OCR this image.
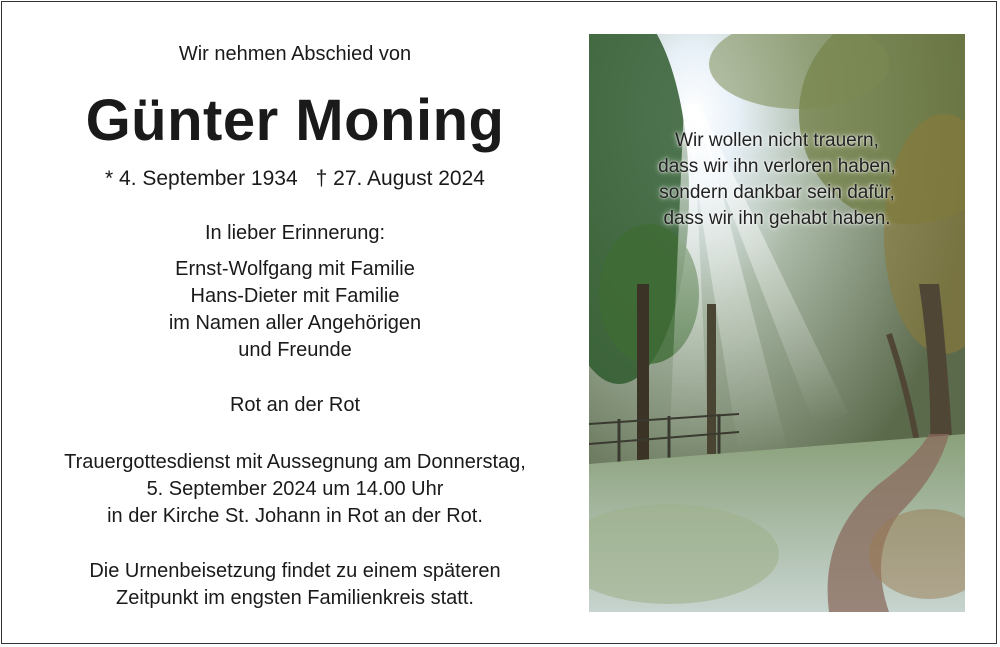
Wir nehmen Abschied von
Günter Moning
* 4. September 1934 † 27. August 2024
In lieber Erinnerung:
Ernst-Wolfgang mit Familie
Hans-Dieter mit Familie
im Namen aller Angehörigen
und Freunde
Rot an der Rot
Trauergottesdienst mit Aussegnung am Donnerstag,
5. September 2024 um 14.00 Uhr
in der Kirche St. Johann in Rot an der Rot.
Die Urnenbeisetzung findet zu einem späteren
Zeitpunkt im engsten Familienkreis statt.
Wir wollen nicht trauern,
dass wir ihn verloren haben,
sondern dankbar sein dafür,
dass wir ihn gehabt haben.
